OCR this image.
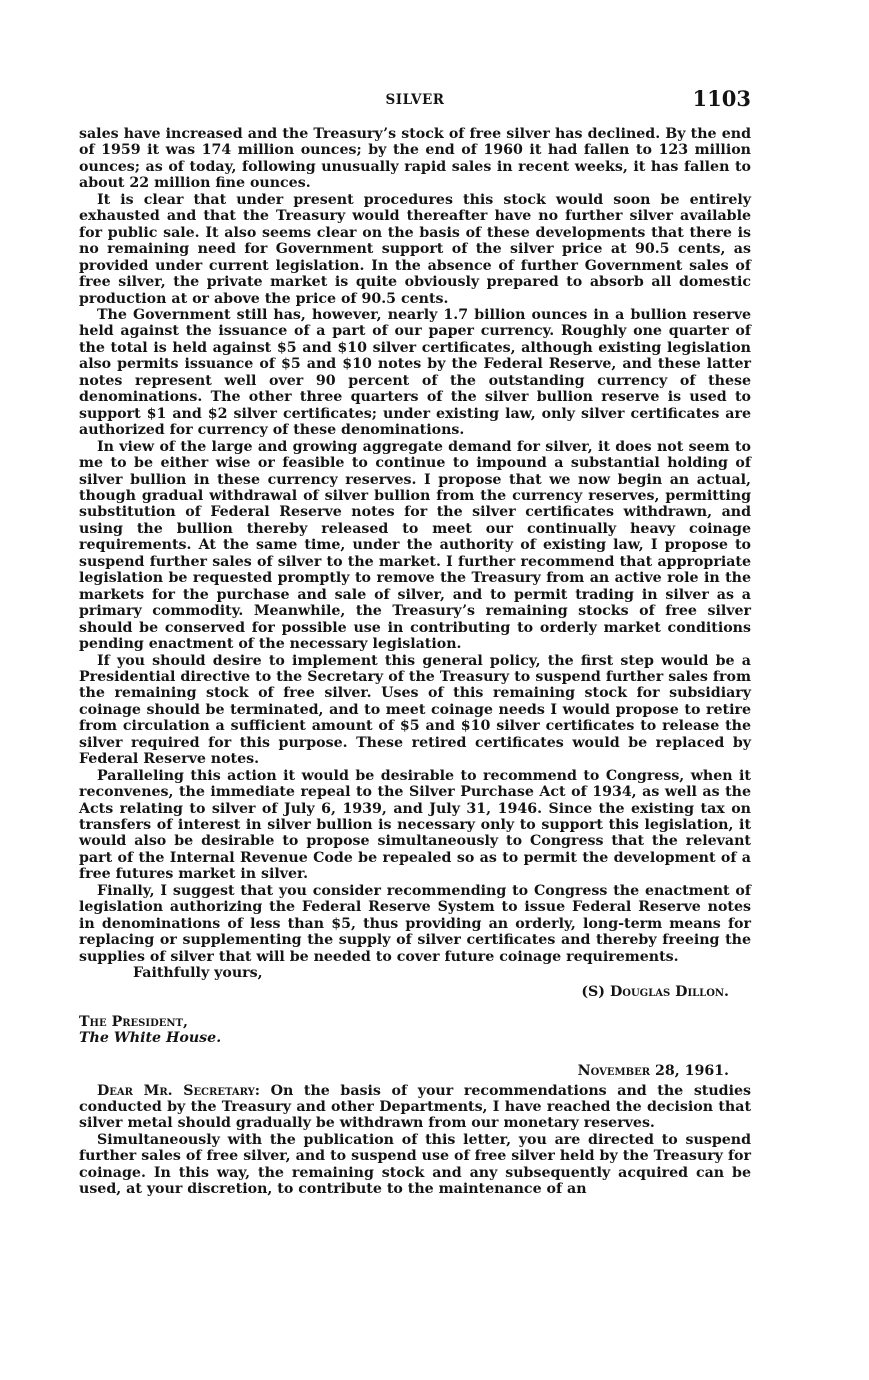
SILVER	1103

sales have increased and the Treasury’s stock of free silver has declined. By the end of 1959 it was 174 million ounces; by the end of 1960 it had fallen to 123 million ounces; as of today, following unusually rapid sales in recent weeks, it has fallen to about 22 million fine ounces.

It is clear that under present procedures this stock would soon be entirely exhausted and that the Treasury would thereafter have no further silver available for public sale. It also seems clear on the basis of these developments that there is no remaining need for Government support of the silver price at 90.5 cents, as provided under current legislation. In the absence of further Government sales of free silver, the private market is quite obviously prepared to absorb all domestic production at or above the price of 90.5 cents.

The Government still has, however, nearly 1.7 billion ounces in a bullion reserve held against the issuance of a part of our paper currency. Roughly one quarter of the total is held against $5 and $10 silver certificates, although existing legislation also permits issuance of $5 and $10 notes by the Federal Reserve, and these latter notes represent well over 90 percent of the outstanding currency of these denominations. The other three quarters of the silver bullion reserve is used to support $1 and $2 silver certificates; under existing law, only silver certificates are authorized for currency of these denominations.

In view of the large and growing aggregate demand for silver, it does not seem to me to be either wise or feasible to continue to impound a substantial holding of silver bullion in these currency reserves. I propose that we now begin an actual, though gradual withdrawal of silver bullion from the currency reserves, permitting substitution of Federal Reserve notes for the silver certificates withdrawn, and using the bullion thereby released to meet our continually heavy coinage requirements. At the same time, under the authority of existing law, I propose to suspend further sales of silver to the market. I further recommend that appropriate legislation be requested promptly to remove the Treasury from an active role in the markets for the purchase and sale of silver, and to permit trading in silver as a primary commodity. Meanwhile, the Treasury’s remaining stocks of free silver should be conserved for possible use in contributing to orderly market conditions pending enactment of the necessary legislation.

If you should desire to implement this general policy, the first step would be a Presidential directive to the Secretary of the Treasury to suspend further sales from the remaining stock of free silver. Uses of this remaining stock for subsidiary coinage should be terminated, and to meet coinage needs I would propose to retire from circulation a sufficient amount of $5 and $10 silver certificates to release the silver required for this purpose. These retired certificates would be replaced by Federal Reserve notes.

Paralleling this action it would be desirable to recommend to Congress, when it reconvenes, the immediate repeal to the Silver Purchase Act of 1934, as well as the Acts relating to silver of July 6, 1939, and July 31, 1946. Since the existing tax on transfers of interest in silver bullion is necessary only to support this legislation, it would also be desirable to propose simultaneously to Congress that the relevant part of the Internal Revenue Code be repealed so as to permit the development of a free futures market in silver.

Finally, I suggest that you consider recommending to Congress the enactment of legislation authorizing the Federal Reserve System to issue Federal Reserve notes in denominations of less than $5, thus providing an orderly, long-term means for replacing or supplementing the supply of silver certificates and thereby freeing the supplies of silver that will be needed to cover future coinage requirements.

Faithfully yours,
(S) Douglas Dillon.
The President,
The White House.
November 28, 1961.

Dear Mr. Secretary: On the basis of your recommendations and the studies conducted by the Treasury and other Departments, I have reached the decision that silver metal should gradually be withdrawn from our monetary reserves.

Simultaneously with the publication of this letter, you are directed to suspend further sales of free silver, and to suspend use of free silver held by the Treasury for coinage. In this way, the remaining stock and any subsequently acquired can be used, at your discretion, to contribute to the maintenance of an
